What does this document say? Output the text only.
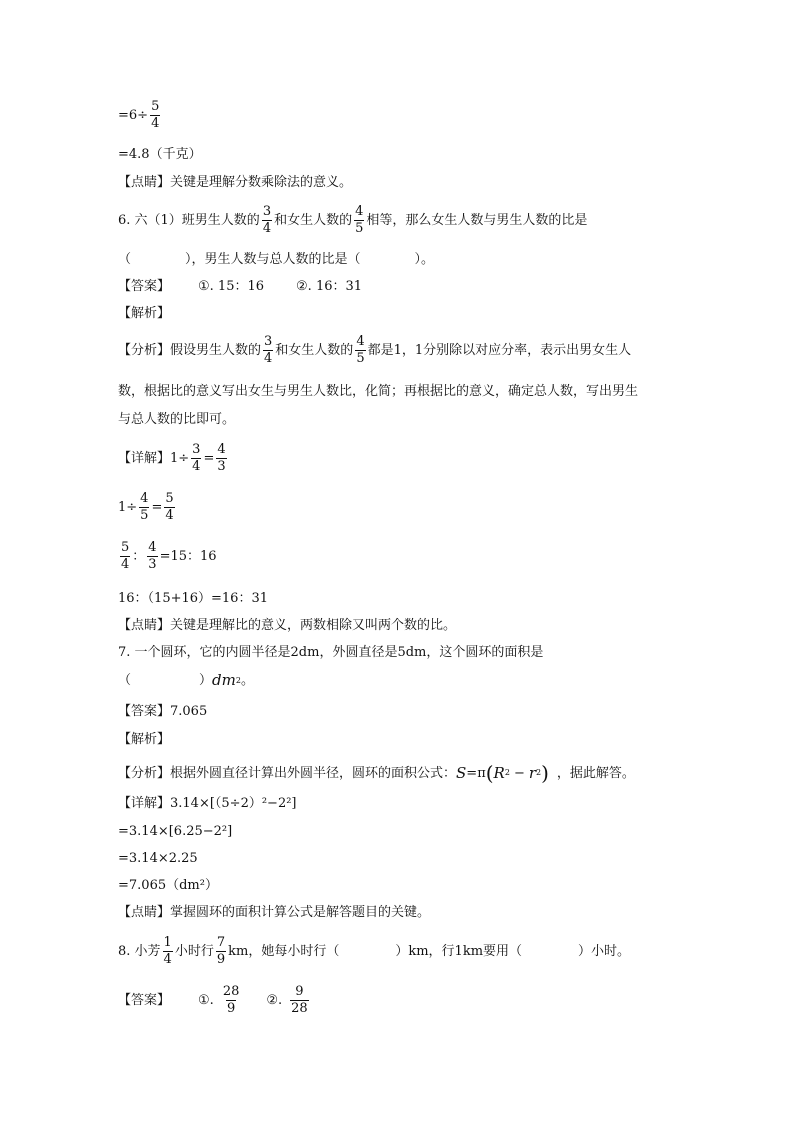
$=6\div \frac{5}{4}$
=4.8（千克）
【点睛】关键是理解分数乘除法的意义。
6. 六（1）班男生人数的 $\frac{3}{4}$ 和女生人数的 $\frac{4}{5}$ 相等，那么女生人数与男生人数的比是
（	），男生人数与总人数的比是（	）。
【答案】 ①. 15：16 ②. 16：31
【解析】
【分析】假设男生人数的 $\frac{3}{4}$ 和女生人数的 $\frac{4}{5}$ 都是1，1分别除以对应分率，表示出男女生人
数，根据比的意义写出女生与男生人数比，化简；再根据比的意义，确定总人数，写出男生
与总人数的比即可。
【详解】$1\div \frac{3}{4} = \frac{4}{3}$
$1\div \frac{4}{5} = \frac{5}{4}$
$\frac{5}{4}$ ： $\frac{4}{3} =15$：16
16：（15+16）=16：31
【点睛】关键是理解比的意义，两数相除又叫两个数的比。
7. 一个圆环，它的内圆半径是2dm，外圆直径是5dm，这个圆环的面积是
（	） dm 2 。
【答案】7.065
【解析】
【分析】根据外圆直径计算出外圆半径，圆环的面积公式： S =π ( R 2 − r 2 ) ，据此解答。
【详解】3.14×[（5÷2）²−2²]
=3.14×[6.25−2²]
=3.14×2.25
=7.065（dm²）
【点睛】掌握圆环的面积计算公式是解答题目的关键。
8. 小芳 $\frac{1}{4}$ 小时行 $\frac{7}{9}$ km，她每小时行（	）km，行1km要用（	）小时。
【答案】 ①. $\frac{28}{9}$ ②. $\frac{9}{28}$
